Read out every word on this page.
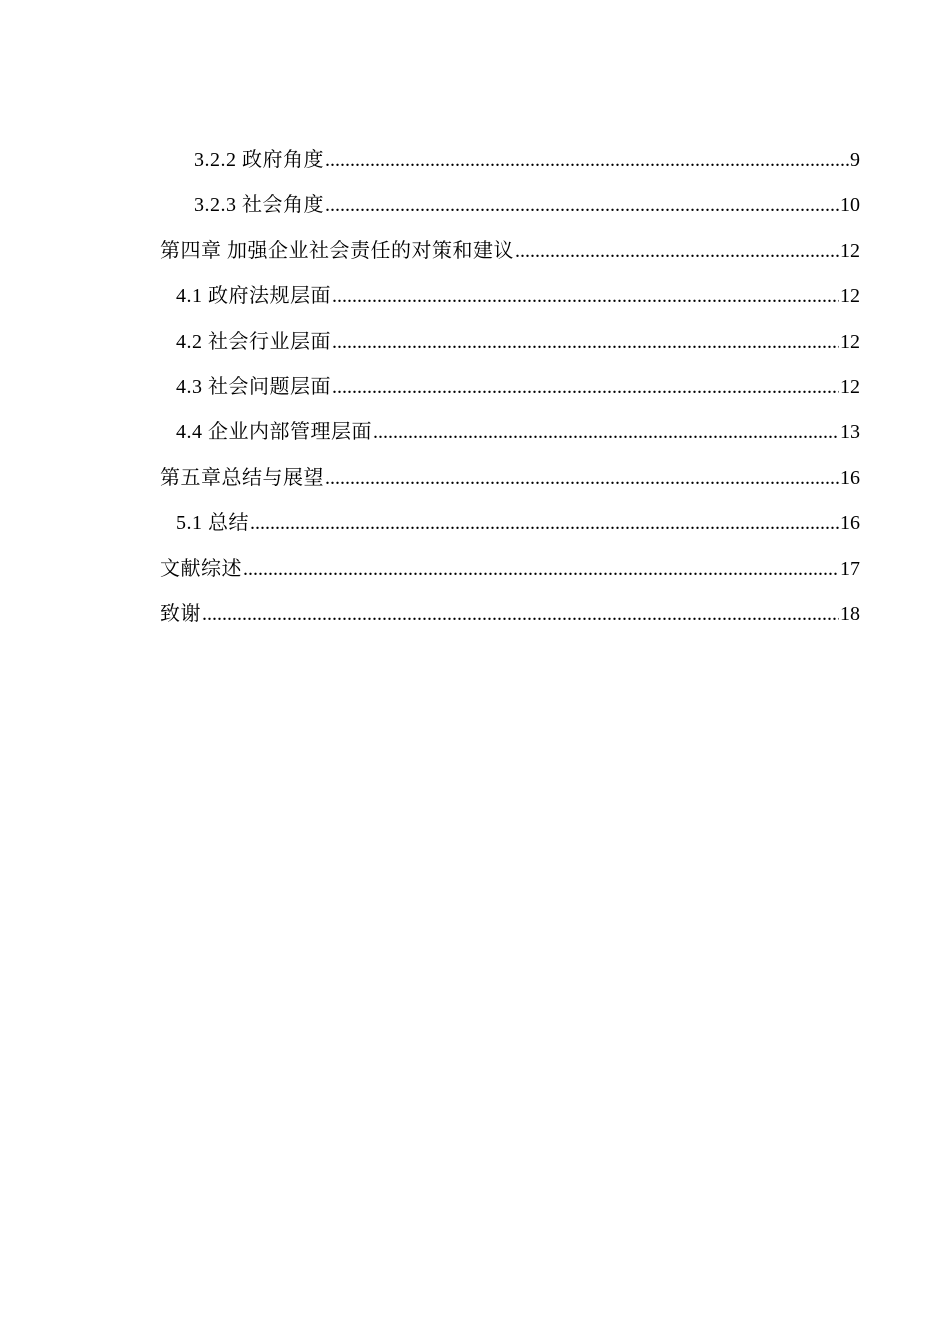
3.2.2 政府角度 .....	9
3.2.3 社会角度 .....	10
第四章 加强企业社会责任的对策和建议 .....	12
4.1 政府法规层面 .....	12
4.2 社会行业层面 .....	12
4.3 社会问题层面 .....	12
4.4 企业内部管理层面 .....	13
第五章总结与展望 .....	16
5.1 总结 .....	16
文献综述 .....	17
致谢 .....	18
